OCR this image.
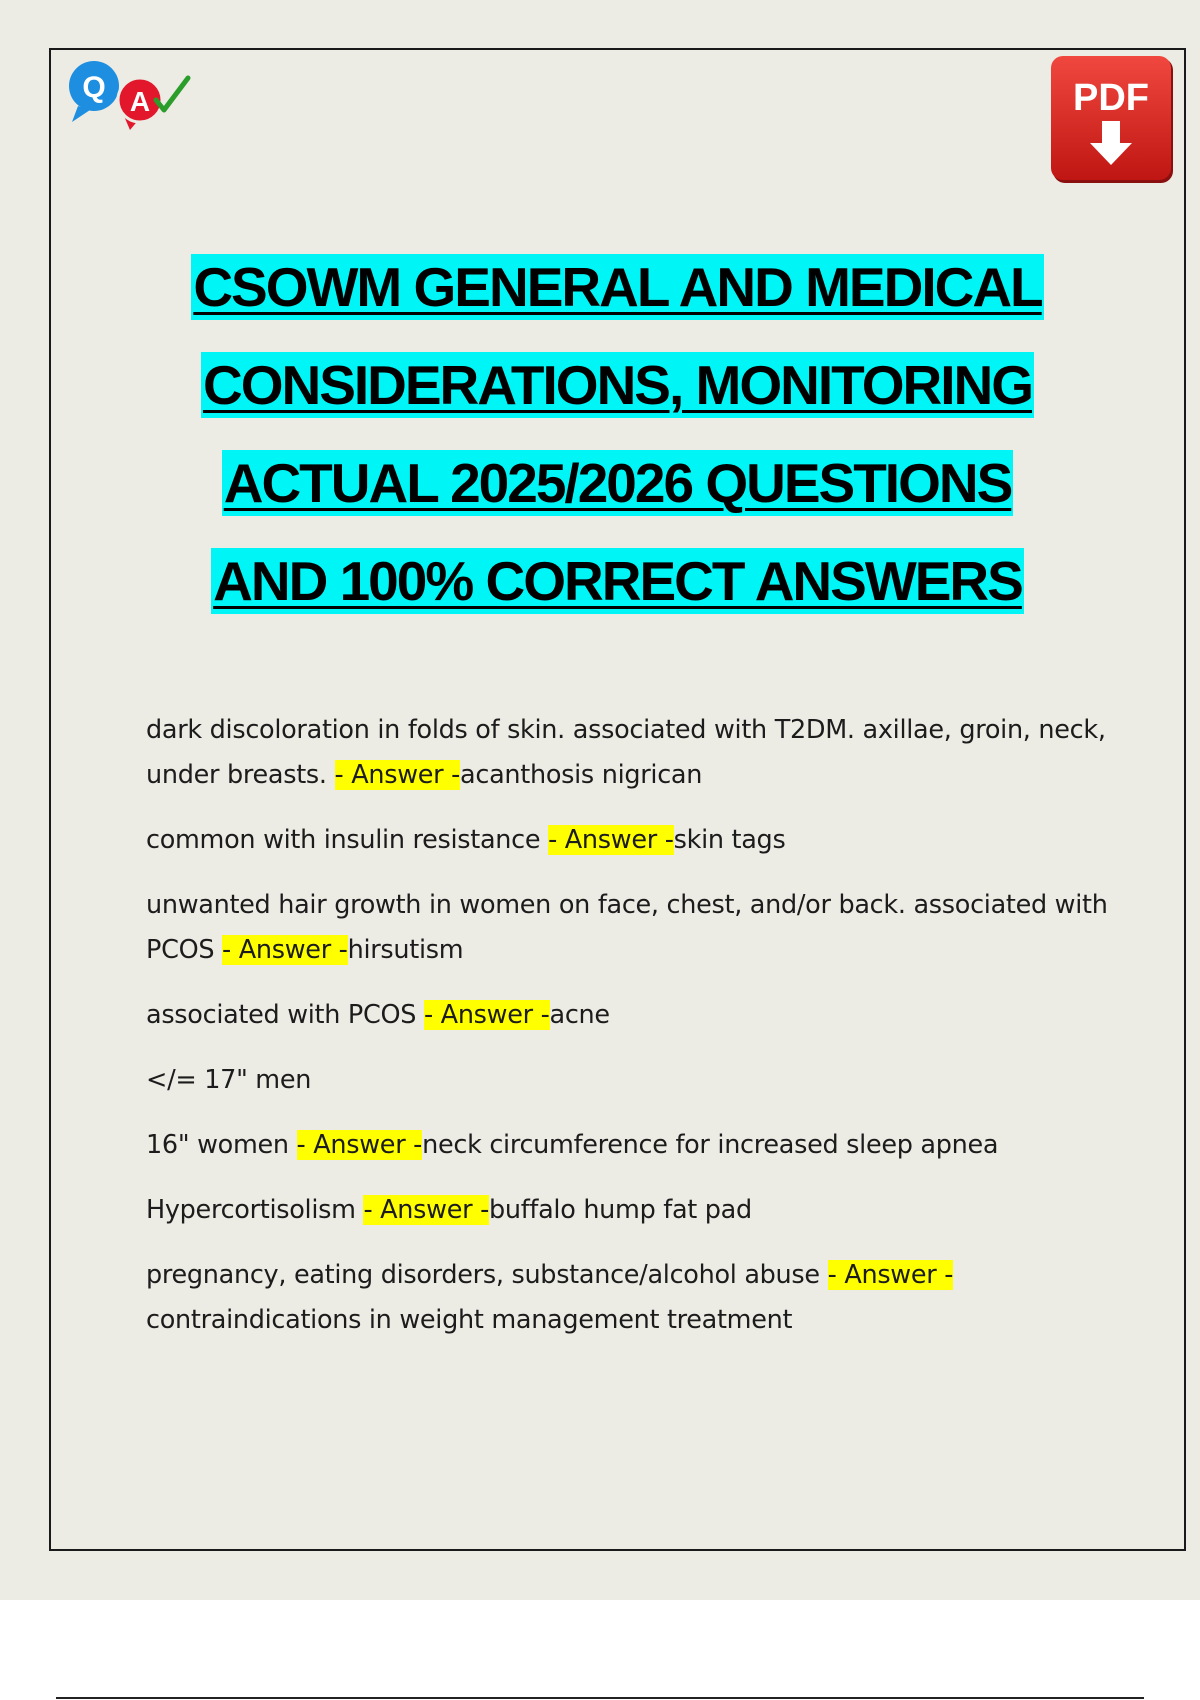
Q A	PDF
CSOWM GENERAL AND MEDICAL
CONSIDERATIONS, MONITORING
ACTUAL 2025/2026 QUESTIONS
AND 100% CORRECT ANSWERS
dark discoloration in folds of skin. associated with T2DM. axillae, groin, neck, under breasts. - Answer -acanthosis nigrican
common with insulin resistance - Answer -skin tags
unwanted hair growth in women on face, chest, and/or back. associated with PCOS - Answer -hirsutism
associated with PCOS - Answer -acne
</= 17" men
16" women - Answer -neck circumference for increased sleep apnea
Hypercortisolism - Answer -buffalo hump fat pad
pregnancy, eating disorders, substance/alcohol abuse - Answer - contraindications in weight management treatment
